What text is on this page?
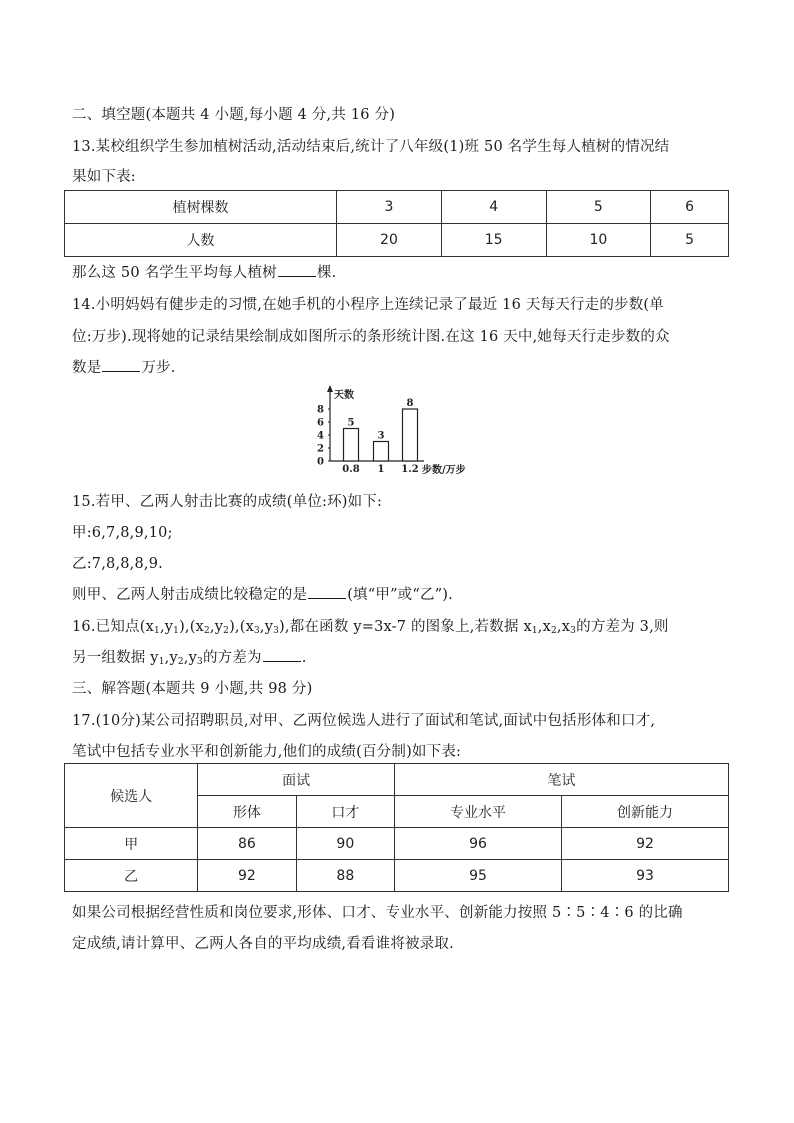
二、填空题(本题共 4 小题,每小题 4 分,共 16 分)
13.某校组织学生参加植树活动,活动结束后,统计了八年级(1)班 50 名学生每人植树的情况结
果如下表:
植树棵数	3	4	5	6
人数	20	15	10	5
那么这 50 名学生平均每人植树	棵.
14.小明妈妈有健步走的习惯,在她手机的小程序上连续记录了最近 16 天每天行走的步数(单
位:万步).现将她的记录结果绘制成如图所示的条形统计图.在这 16 天中,她每天行走步数的众
数是	万步.
天数
步数/万步
0
2
4
6
8
5
0.8
3
1
8
1.2
15.若甲、乙两人射击比赛的成绩(单位:环)如下:
甲:6,7,8,9,10;
乙:7,8,8,8,9.
则甲、乙两人射击成绩比较稳定的是	(填“甲”或“乙”).
16.已知点$(x_1,y_1),(x_2,y_2),(x_3,y_3)$,都在函数 y=3x-7 的图象上,若数据 $x_1,x_2,x_3$的方差为 3,则
另一组数据 $y_1,y_2,y_3$的方差为	.
三、解答题(本题共 9 小题,共 98 分)
17.(10分)某公司招聘职员,对甲、乙两位候选人进行了面试和笔试,面试中包括形体和口才,
笔试中包括专业水平和创新能力,他们的成绩(百分制)如下表:
候选人	面试		笔试	
	形体	口才	专业水平	创新能力
甲	86	90	96	92
乙	92	88	95	93
如果公司根据经营性质和岗位要求,形体、口才、专业水平、创新能力按照 5∶5∶4∶6 的比确
定成绩,请计算甲、乙两人各自的平均成绩,看看谁将被录取.
